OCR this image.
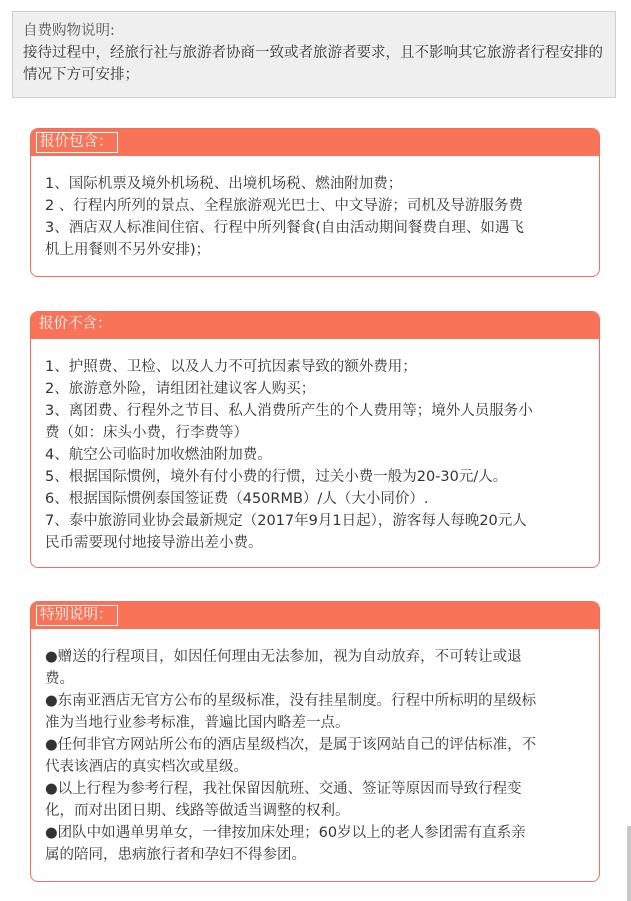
自费购物说明:
接待过程中，经旅行社与旅游者协商一致或者旅游者要求，且不影响其它旅游者行程安排的情况下方可安排；
报价包含：
1、国际机票及境外机场税、出境机场税、燃油附加费；
2 、行程内所列的景点、全程旅游观光巴士、中文导游；司机及导游服务费
3、酒店双人标准间住宿、行程中所列餐食(自由活动期间餐费自理、如遇飞
机上用餐则不另外安排)；
报价不含：
1、护照费、卫检、以及人力不可抗因素导致的额外费用；
2、旅游意外险，请组团社建议客人购买；
3、离团费、行程外之节目、私人消费所产生的个人费用等；境外人员服务小
费（如：床头小费，行李费等）
4、航空公司临时加收燃油附加费。
5、根据国际惯例，境外有付小费的行惯，过关小费一般为20-30元/人。
6、根据国际惯例泰国签证费（450RMB）/人（大小同价）.
7、泰中旅游同业协会最新规定（2017年9月1日起），游客每人每晚20元人
民币需要现付地接导游出差小费。
特别说明：
●赠送的行程项目，如因任何理由无法参加，视为自动放弃，不可转让或退
费。
●东南亚酒店无官方公布的星级标准，没有挂星制度。行程中所标明的星级标
准为当地行业参考标准，普遍比国内略差一点。
●任何非官方网站所公布的酒店星级档次，是属于该网站自己的评估标准，不
代表该酒店的真实档次或星级。
●以上行程为参考行程，我社保留因航班、交通、签证等原因而导致行程变
化，而对出团日期、线路等做适当调整的权利。
●团队中如遇单男单女，一律按加床处理；60岁以上的老人参团需有直系亲
属的陪同，患病旅行者和孕妇不得参团。
